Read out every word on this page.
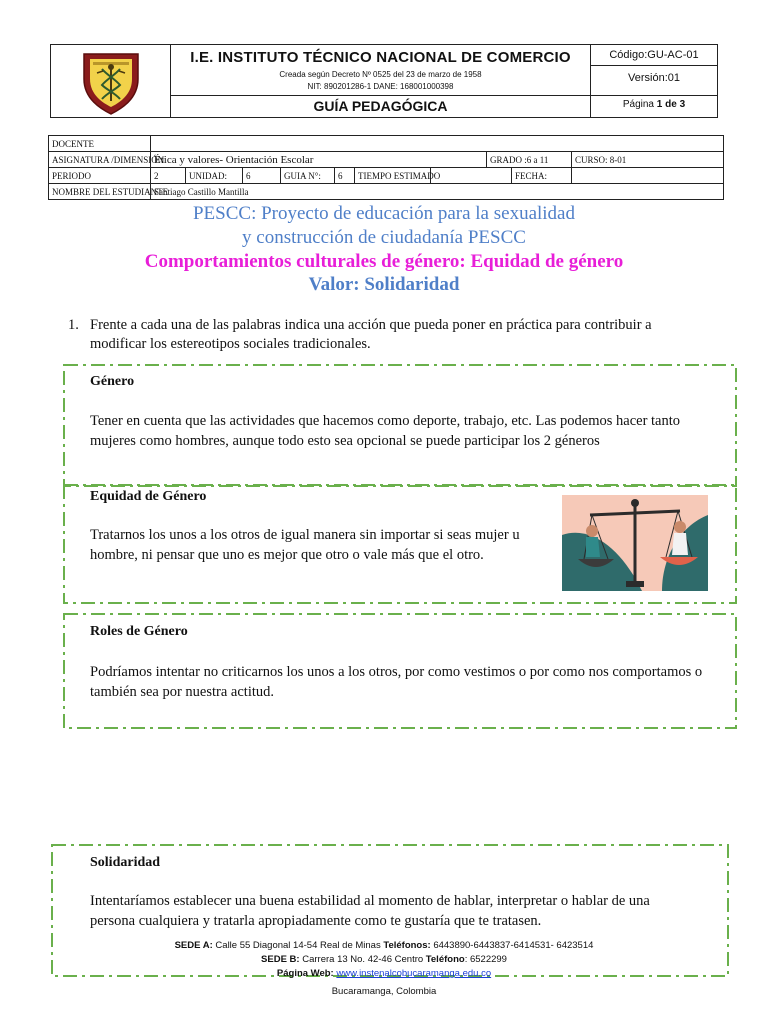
I.E. INSTITUTO TÉCNICO NACIONAL DE COMERCIO
Creada según Decreto Nº 0525 del 23 de marzo de 1958
NIT: 890201286-1 DANE: 168001000398
GUÍA PEDAGÓGICA
Código:GU-AC-01
Versión:01
Página 1 de 3
DOCENTE										
ASIGNATURA /DIMENSIÓN	Ética y valores- Orientación Escolar							GRADO :6 a 11		CURSO: 8-01
PERIODO	2	UNIDAD:	6	GUIA N°:	6	TIEMPO ESTIMADO			FECHA:	
NOMBRE DEL ESTUDIANTE	Santiago Castillo Mantilla									
PESCC: Proyecto de educación para la sexualidad
y construcción de ciudadanía PESCC
Comportamientos culturales de género: Equidad de género
Valor: Solidaridad
1. Frente a cada una de las palabras indica una acción que pueda poner en práctica para contribuir a modificar los estereotipos sociales tradicionales.
Género
Tener en cuenta que las actividades que hacemos como deporte, trabajo, etc. Las podemos hacer tanto mujeres como hombres, aunque todo esto sea opcional se puede participar los 2 géneros
Equidad de Género
Tratarnos los unos a los otros de igual manera sin importar si seas mujer u hombre, ni pensar que uno es mejor que otro o vale más que el otro.
Roles de Género
Podríamos intentar no criticarnos los unos a los otros, por como vestimos o por como nos comportamos o también sea por nuestra actitud.
Solidaridad
Intentaríamos establecer una buena estabilidad al momento de hablar, interpretar o hablar de una persona cualquiera y tratarla apropiadamente como te gustaría que te tratasen.
SEDE A: Calle 55 Diagonal 14-54 Real de Minas Teléfonos: 6443890-6443837-6414531- 6423514
SEDE B: Carrera 13 No. 42-46 Centro Teléfono: 6522299
Página Web: www.instenalcobucaramanga.edu.co
Bucaramanga, Colombia
